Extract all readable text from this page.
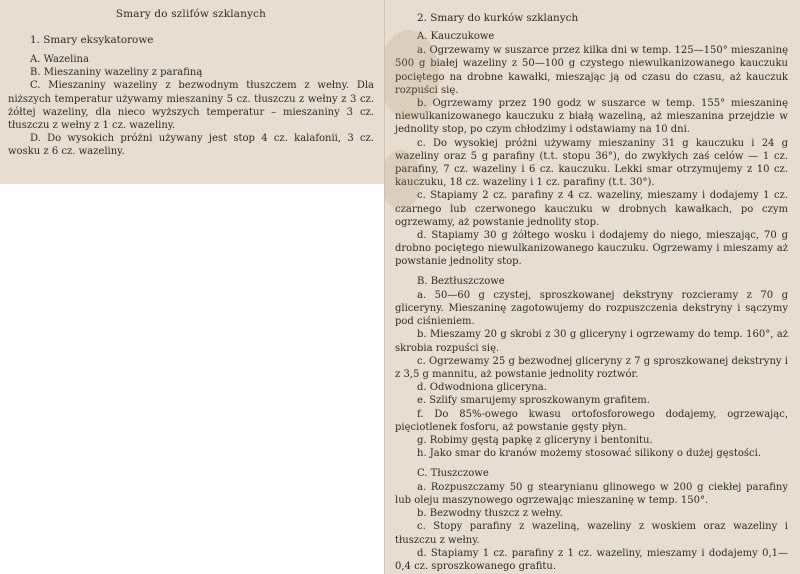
Smary do szlifów szklanych
1. Smary eksykatorowe

A. Wazelina

B. Mieszaniny wazeliny z parafiną

C. Mieszaniny wazeliny z bezwodnym tłuszczem z wełny. Dla niższych temperatur używamy mieszaniny 5 cz. tłuszczu z wełny z 3 cz. żółtej wazeliny, dla nieco wyższych temperatur – mieszaniny 3 cz. tłuszczu z wełny z 1 cz. wazeliny.

D. Do wysokich próżni używany jest stop 4 cz. kalafonii, 3 cz. wosku z 6 cz. wazeliny.

2. Smary do kurków szklanych
A. Kauczukowe

a. Ogrzewamy w suszarce przez kilka dni w temp. 125—150° mieszaninę 500 g białej wazeliny z 50—100 g czystego niewulkanizowanego kauczuku pociętego na drobne kawałki, mieszając ją od czasu do czasu, aż kauczuk rozpuści się.

b. Ogrzewamy przez 190 godz w suszarce w temp. 155° mieszaninę niewulkanizowanego kauczuku z białą wazeliną, aż mieszanina przejdzie w jednolity stop, po czym chłodzimy i odstawiamy na 10 dni.

c. Do wysokiej próżni używamy mieszaniny 31 g kauczuku i 24 g wazeliny oraz 5 g parafiny (t.t. stopu 36°), do zwykłych zaś celów — 1 cz. parafiny, 7 cz. wazeliny i 6 cz. kauczuku. Lekki smar otrzymujemy z 10 cz. kauczuku, 18 cz. wazeliny i 1 cz. parafiny (t.t. 30°).

c. Stapiamy 2 cz. parafiny z 4 cz. wazeliny, mieszamy i dodajemy 1 cz. czarnego lub czerwonego kauczuku w drobnych kawałkach, po czym ogrzewamy, aż powstanie jednolity stop.

d. Stapiamy 30 g żółtego wosku i dodajemy do niego, mieszając, 70 g drobno pociętego niewulkanizowanego kauczuku. Ogrzewamy i mieszamy aż powstanie jednolity stop.

B. Beztłuszczowe

a. 50—60 g czystej, sproszkowanej dekstryny rozcieramy z 70 g gliceryny. Mieszaninę zagotowujemy do rozpuszczenia dekstryny i sączymy pod ciśnieniem.

b. Mieszamy 20 g skrobi z 30 g gliceryny i ogrzewamy do temp. 160°, aż skrobia rozpuści się.

c. Ogrzewamy 25 g bezwodnej gliceryny z 7 g sproszkowanej dekstryny i z 3,5 g mannitu, aż powstanie jednolity roztwór.

d. Odwodniona gliceryna.

e. Szlify smarujemy sproszkowanym grafitem.

f. Do 85%-owego kwasu ortofosforowego dodajemy, ogrzewając, pięciotlenek fosforu, aż powstanie gęsty płyn.

g. Robimy gęstą papkę z gliceryny i bentonitu.

h. Jako smar do kranów możemy stosować silikony o dużej gęstości.

C. Tłuszczowe

a. Rozpuszczamy 50 g stearynianu glinowego w 200 g ciekłej parafiny lub oleju maszynowego ogrzewając mieszaninę w temp. 150°.

b. Bezwodny tłuszcz z wełny.

c. Stopy parafiny z wazeliną, wazeliny z woskiem oraz wazeliny i tłuszczu z wełny.

d. Stapiamy 1 cz. parafiny z 1 cz. wazeliny, mieszamy i dodajemy 0,1—0,4 cz. sproszkowanego grafitu.
